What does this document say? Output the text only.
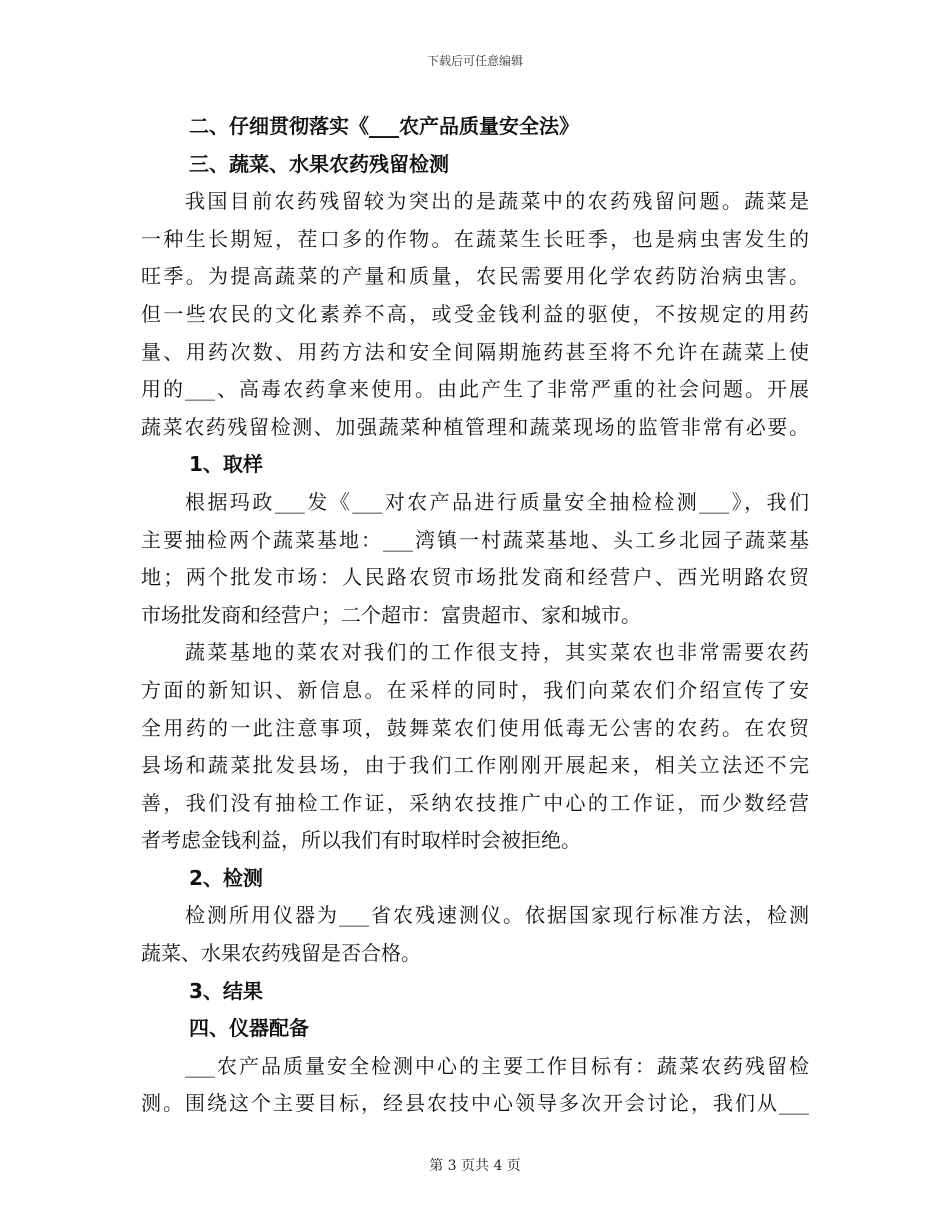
下载后可任意编辑
二、仔细贯彻落实《___农产品质量安全法》
三、蔬菜、水果农药残留检测
我国目前农药残留较为突出的是蔬菜中的农药残留问题。蔬菜是
一种生长期短，茬口多的作物。在蔬菜生长旺季，也是病虫害发生的
旺季。为提高蔬菜的产量和质量，农民需要用化学农药防治病虫害。
但一些农民的文化素养不高，或受金钱利益的驱使，不按规定的用药
量、用药次数、用药方法和安全间隔期施药甚至将不允许在蔬菜上使
用的___、高毒农药拿来使用。由此产生了非常严重的社会问题。开展
蔬菜农药残留检测、加强蔬菜种植管理和蔬菜现场的监管非常有必要。
1、取样
根据玛政___发《___对农产品进行质量安全抽检检测___》，我们
主要抽检两个蔬菜基地：___湾镇一村蔬菜基地、头工乡北园子蔬菜基
地；两个批发市场：人民路农贸市场批发商和经营户、西光明路农贸
市场批发商和经营户；二个超市：富贵超市、家和城市。
蔬菜基地的菜农对我们的工作很支持，其实菜农也非常需要农药
方面的新知识、新信息。在采样的同时，我们向菜农们介绍宣传了安
全用药的一此注意事项，鼓舞菜农们使用低毒无公害的农药。在农贸
县场和蔬菜批发县场，由于我们工作刚刚开展起来，相关立法还不完
善，我们没有抽检工作证，采纳农技推广中心的工作证，而少数经营
者考虑金钱利益，所以我们有时取样时会被拒绝。
2、检测
检测所用仪器为___省农残速测仪。依据国家现行标准方法，检测
蔬菜、水果农药残留是否合格。
3、结果
四、仪器配备
___农产品质量安全检测中心的主要工作目标有：蔬菜农药残留检
测。围绕这个主要目标，经县农技中心领导多次开会讨论，我们从___
第 3 页共 4 页
